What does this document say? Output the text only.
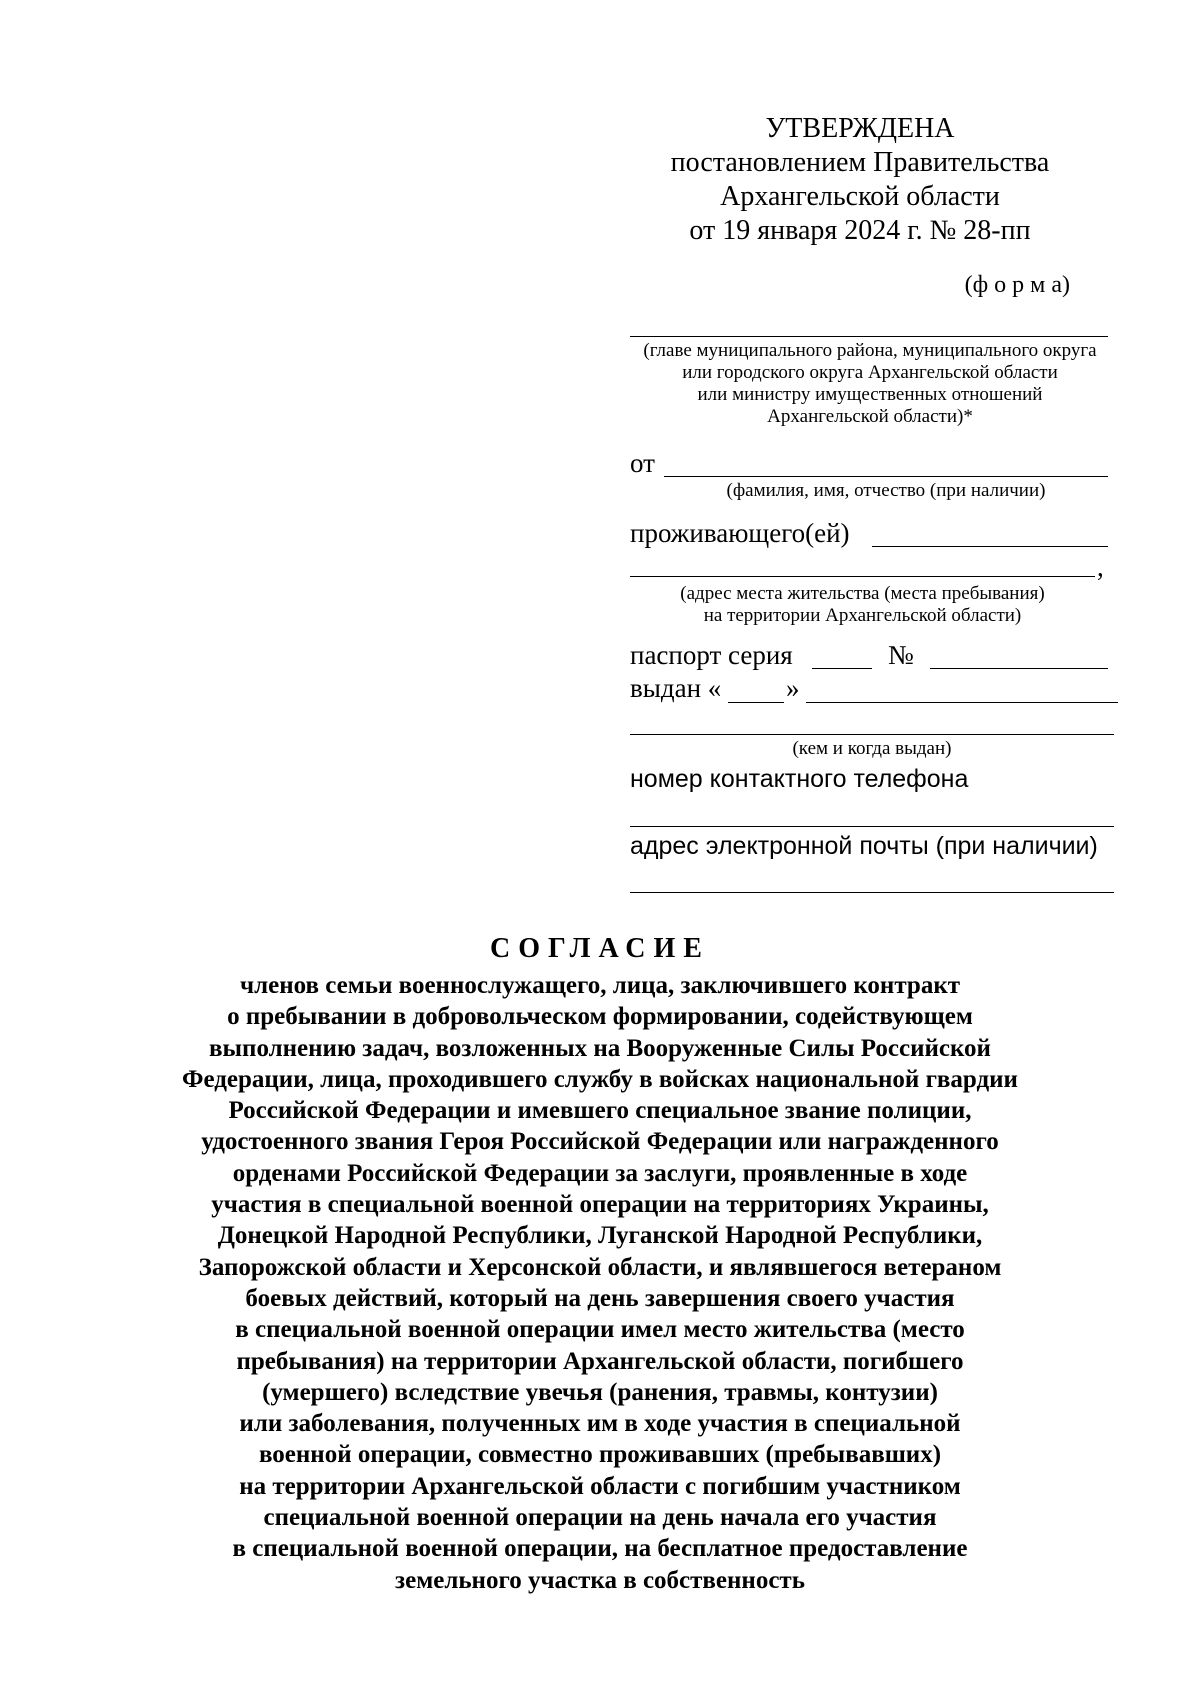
УТВЕРЖДЕНА
постановлением Правительства
Архангельской области
от 19 января 2024 г. № 28-пп
(ф о р м а)
(главе муниципального района, муниципального округа
или городского округа Архангельской области
или министру имущественных отношений
Архангельской области)*
от
(фамилия, имя, отчество (при наличии)
проживающего(ей)
,
(адрес места жительства (места пребывания)
на территории Архангельской области)
паспорт серия	№
выдан « »
(кем и когда выдан)
номер контактного телефона
адрес электронной почты (при наличии)
СОГЛАСИЕ
членов семьи военнослужащего, лица, заключившего контракт
о пребывании в добровольческом формировании, содействующем
выполнению задач, возложенных на Вооруженные Силы Российской
Федерации, лица, проходившего службу в войсках национальной гвардии
Российской Федерации и имевшего специальное звание полиции,
удостоенного звания Героя Российской Федерации или награжденного
орденами Российской Федерации за заслуги, проявленные в ходе
участия в специальной военной операции на территориях Украины,
Донецкой Народной Республики, Луганской Народной Республики,
Запорожской области и Херсонской области, и являвшегося ветераном
боевых действий, который на день завершения своего участия
в специальной военной операции имел место жительства (место
пребывания) на территории Архангельской области, погибшего
(умершего) вследствие увечья (ранения, травмы, контузии)
или заболевания, полученных им в ходе участия в специальной
военной операции, совместно проживавших (пребывавших)
на территории Архангельской области с погибшим участником
специальной военной операции на день начала его участия
в специальной военной операции, на бесплатное предоставление
земельного участка в собственность
